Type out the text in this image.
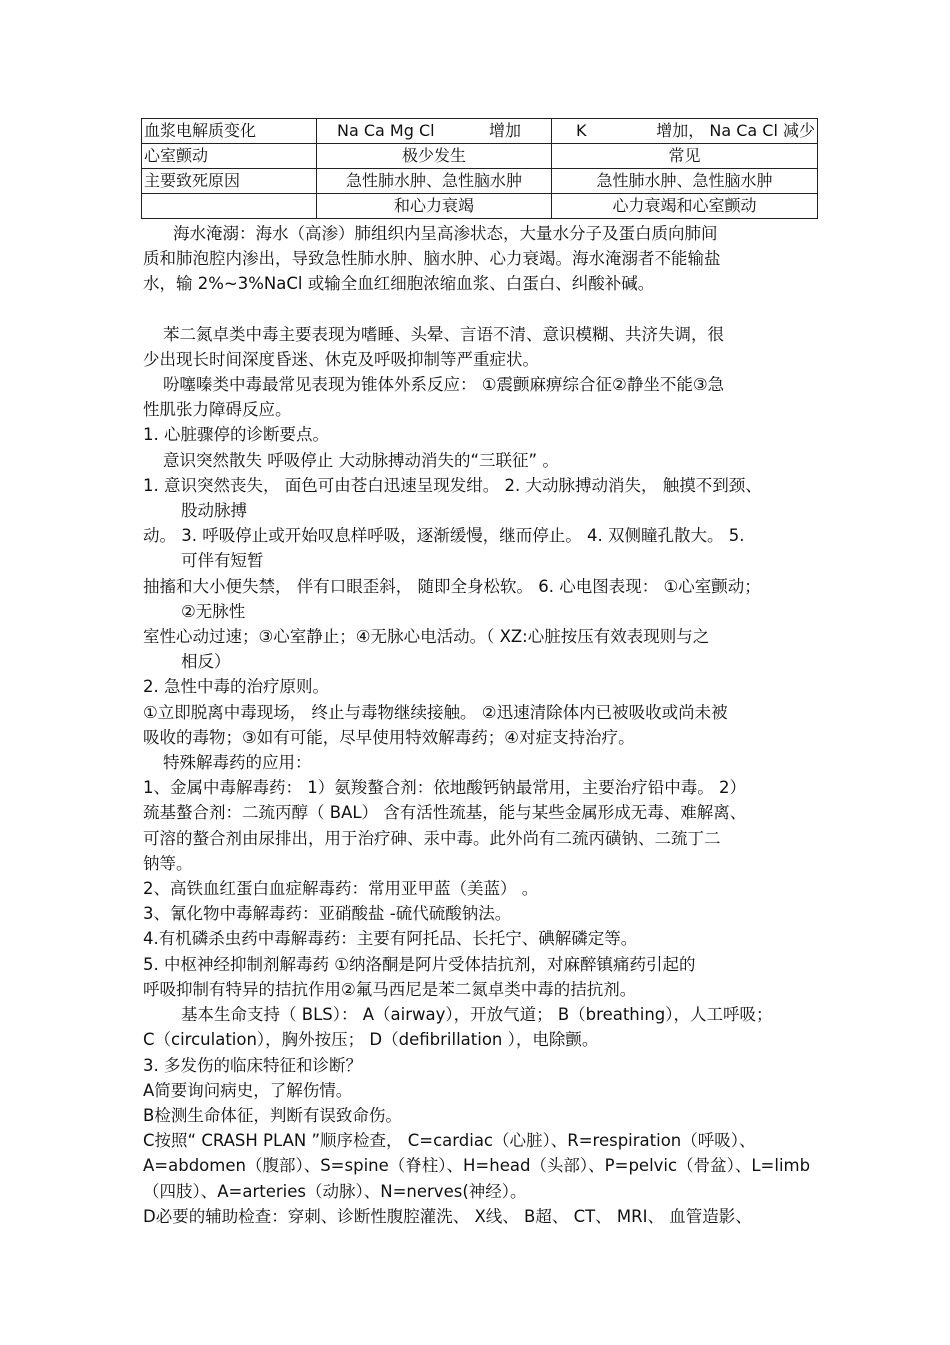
血浆电解质变化	Na Ca Mg Cl 增加	K 增加， Na Ca Cl 减少

心室颤动	极少发生	常见
主要致死原因	急性肺水肿、急性脑水肿	急性肺水肿、急性脑水肿
	和心力衰竭	心力衰竭和心室颤动

海水淹溺：海水（高渗）肺组织内呈高渗状态，大量水分子及蛋白质向肺间

质和肺泡腔内渗出，导致急性肺水肿、脑水肿、心力衰竭。海水淹溺者不能输盐

水，输 2%~3%NaCl 或输全血红细胞浓缩血浆、白蛋白、纠酸补碱。

苯二氮卓类中毒主要表现为嗜睡、头晕、言语不清、意识模糊、共济失调，很

少出现长时间深度昏迷、休克及呼吸抑制等严重症状。

吩噻嗪类中毒最常见表现为锥体外系反应： ①震颤麻痹综合征②静坐不能③急

性肌张力障碍反应。

1. 心脏骤停的诊断要点。

意识突然散失 呼吸停止 大动脉搏动消失的“三联征” 。

1. 意识突然丧失， 面色可由苍白迅速呈现发绀。 2. 大动脉搏动消失， 触摸不到颈、

股动脉搏

动。 3. 呼吸停止或开始叹息样呼吸，逐渐缓慢，继而停止。 4. 双侧瞳孔散大。 5.

可伴有短暂

抽搐和大小便失禁， 伴有口眼歪斜， 随即全身松软。 6. 心电图表现： ①心室颤动；

②无脉性

室性心动过速；③心室静止；④无脉心电活动。（ XZ:心脏按压有效表现则与之

相反）

2. 急性中毒的治疗原则。

①立即脱离中毒现场， 终止与毒物继续接触。 ②迅速清除体内已被吸收或尚未被

吸收的毒物；③如有可能，尽早使用特效解毒药；④对症支持治疗。

特殊解毒药的应用：

1、金属中毒解毒药： 1）氨羧螯合剂：依地酸钙钠最常用，主要治疗铅中毒。 2）

巯基螯合剂：二巯丙醇（ BAL） 含有活性巯基，能与某些金属形成无毒、难解离、

可溶的螯合剂由尿排出，用于治疗砷、汞中毒。此外尚有二巯丙磺钠、二巯丁二

钠等。

2、高铁血红蛋白血症解毒药：常用亚甲蓝（美蓝） 。

3、氰化物中毒解毒药：亚硝酸盐 -硫代硫酸钠法。

4.有机磷杀虫药中毒解毒药：主要有阿托品、长托宁、碘解磷定等。

5. 中枢神经抑制剂解毒药 ①纳洛酮是阿片受体拮抗剂，对麻醉镇痛药引起的

呼吸抑制有特异的拮抗作用②氟马西尼是苯二氮卓类中毒的拮抗剂。

基本生命支持（ BLS）： A（airway），开放气道； B（breathing），人工呼吸；

C（circulation），胸外按压； D（defibrillation ），电除颤。

3. 多发伤的临床特征和诊断？

A简要询问病史，了解伤情。

B检测生命体征，判断有误致命伤。

C按照“ CRASH PLAN ”顺序检查， C=cardiac（心脏）、R=respiration（呼吸）、

A=abdomen（腹部）、S=spine（脊柱）、H=head（头部）、P=pelvic（骨盆）、L=limb

（四肢）、A=arteries（动脉）、N=nerves(神经）。

D必要的辅助检查：穿刺、诊断性腹腔灌洗、 X线、 B超、 CT、 MRI、 血管造影、
